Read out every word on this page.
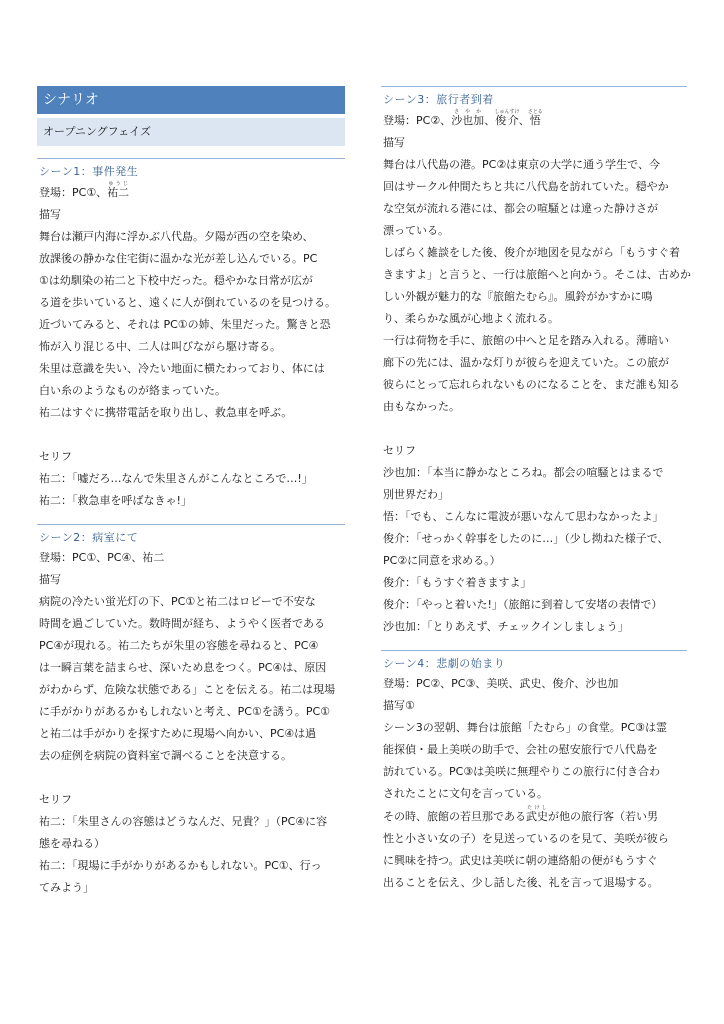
シナリオ
オープニングフェイズ
シーン1：事件発生
登場：PC①、祐二ゆうじ
描写
舞台は瀬戸内海に浮かぶ八代島。夕陽が西の空を染め、
放課後の静かな住宅街に温かな光が差し込んでいる。PC
①は幼馴染の祐二と下校中だった。穏やかな日常が広が
る道を歩いていると、遠くに人が倒れているのを見つける。
近づいてみると、それは PC①の姉、朱里だった。驚きと恐
怖が入り混じる中、二人は叫びながら駆け寄る。
朱里は意識を失い、冷たい地面に横たわっており、体には
白い糸のようなものが絡まっていた。
祐二はすぐに携帯電話を取り出し、救急車を呼ぶ。
セリフ
祐二：「嘘だろ…なんで朱里さんがこんなところで…!」
祐二：「救急車を呼ばなきゃ!」
シーン2：病室にて
登場：PC①、PC④、祐二
描写
病院の冷たい蛍光灯の下、PC①と祐二はロビーで不安な
時間を過ごしていた。数時間が経ち、ようやく医者である
PC④が現れる。祐二たちが朱里の容態を尋ねると、PC④
は一瞬言葉を詰まらせ、深いため息をつく。PC④は、原因
がわからず、危険な状態である」ことを伝える。祐二は現場
に手がかりがあるかもしれないと考え、PC①を誘う。PC①
と祐二は手がかりを探すために現場へ向かい、PC④は過
去の症例を病院の資料室で調べることを決意する。
セリフ
祐二：「朱里さんの容態はどうなんだ、兄貴？」（PC④に容
態を尋ねる）
祐二：「現場に手がかりがあるかもしれない。PC①、行っ
てみよう」
シーン3：旅行者到着
登場：PC②、沙也加さやか、俊介しゅんすけ、悟さとる
描写
舞台は八代島の港。PC②は東京の大学に通う学生で、今
回はサークル仲間たちと共に八代島を訪れていた。穏やか
な空気が流れる港には、都会の喧騒とは違った静けさが
漂っている。
しばらく雑談をした後、俊介が地図を見ながら「もうすぐ着
きますよ」と言うと、一行は旅館へと向かう。そこは、古めか
しい外観が魅力的な『旅館たむら』。風鈴がかすかに鳴
り、柔らかな風が心地よく流れる。
一行は荷物を手に、旅館の中へと足を踏み入れる。薄暗い
廊下の先には、温かな灯りが彼らを迎えていた。この旅が
彼らにとって忘れられないものになることを、まだ誰も知る
由もなかった。
セリフ
沙也加：「本当に静かなところね。都会の喧騒とはまるで
別世界だわ」
悟：「でも、こんなに電波が悪いなんて思わなかったよ」
俊介：「せっかく幹事をしたのに…」（少し拗ねた様子で、
PC②に同意を求める。）
俊介：「もうすぐ着きますよ」
俊介：「やっと着いた!」（旅館に到着して安堵の表情で）
沙也加：「とりあえず、チェックインしましょう」
シーン4：悲劇の始まり
登場：PC②、PC③、美咲、武史、俊介、沙也加
描写①
シーン3の翌朝、舞台は旅館「たむら」の食堂。PC③は霊
能探偵・最上美咲の助手で、会社の慰安旅行で八代島を
訪れている。PC③は美咲に無理やりこの旅行に付き合わ
されたことに文句を言っている。
その時、旅館の若旦那である武史たけしが他の旅行客（若い男
性と小さい女の子）を見送っているのを見て、美咲が彼ら
に興味を持つ。武史は美咲に朝の連絡船の便がもうすぐ
出ることを伝え、少し話した後、礼を言って退場する。
